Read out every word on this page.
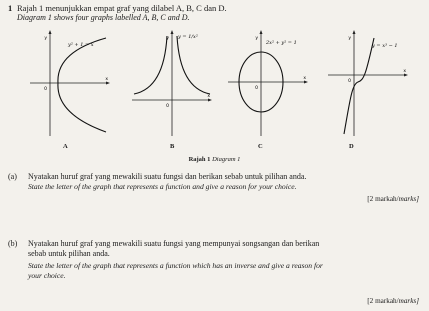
1 Rajah 1 menunjukkan empat graf yang dilabel A, B, C dan D.
Diagram 1 shows four graphs labelled A, B, C and D.
y
x
0
y² + 1 = x
A
y
x
0
y = 1/x²
B
y
x
0
2x² + y² = 1
C
y
x
0
y = x³ − 1
D
Rajah 1 Diagram 1
(a) Nyatakan huruf graf yang mewakili suatu fungsi dan berikan sebab untuk pilihan anda.
State the letter of the graph that represents a function and give a reason for your choice.
[2 markah/marks]
(b) Nyatakan huruf graf yang mewakili suatu fungsi yang mempunyai songsangan dan berikan
sebab untuk pilihan anda.
State the letter of the graph that represents a function which has an inverse and give a reason for
your choice.
[2 markah/marks]
